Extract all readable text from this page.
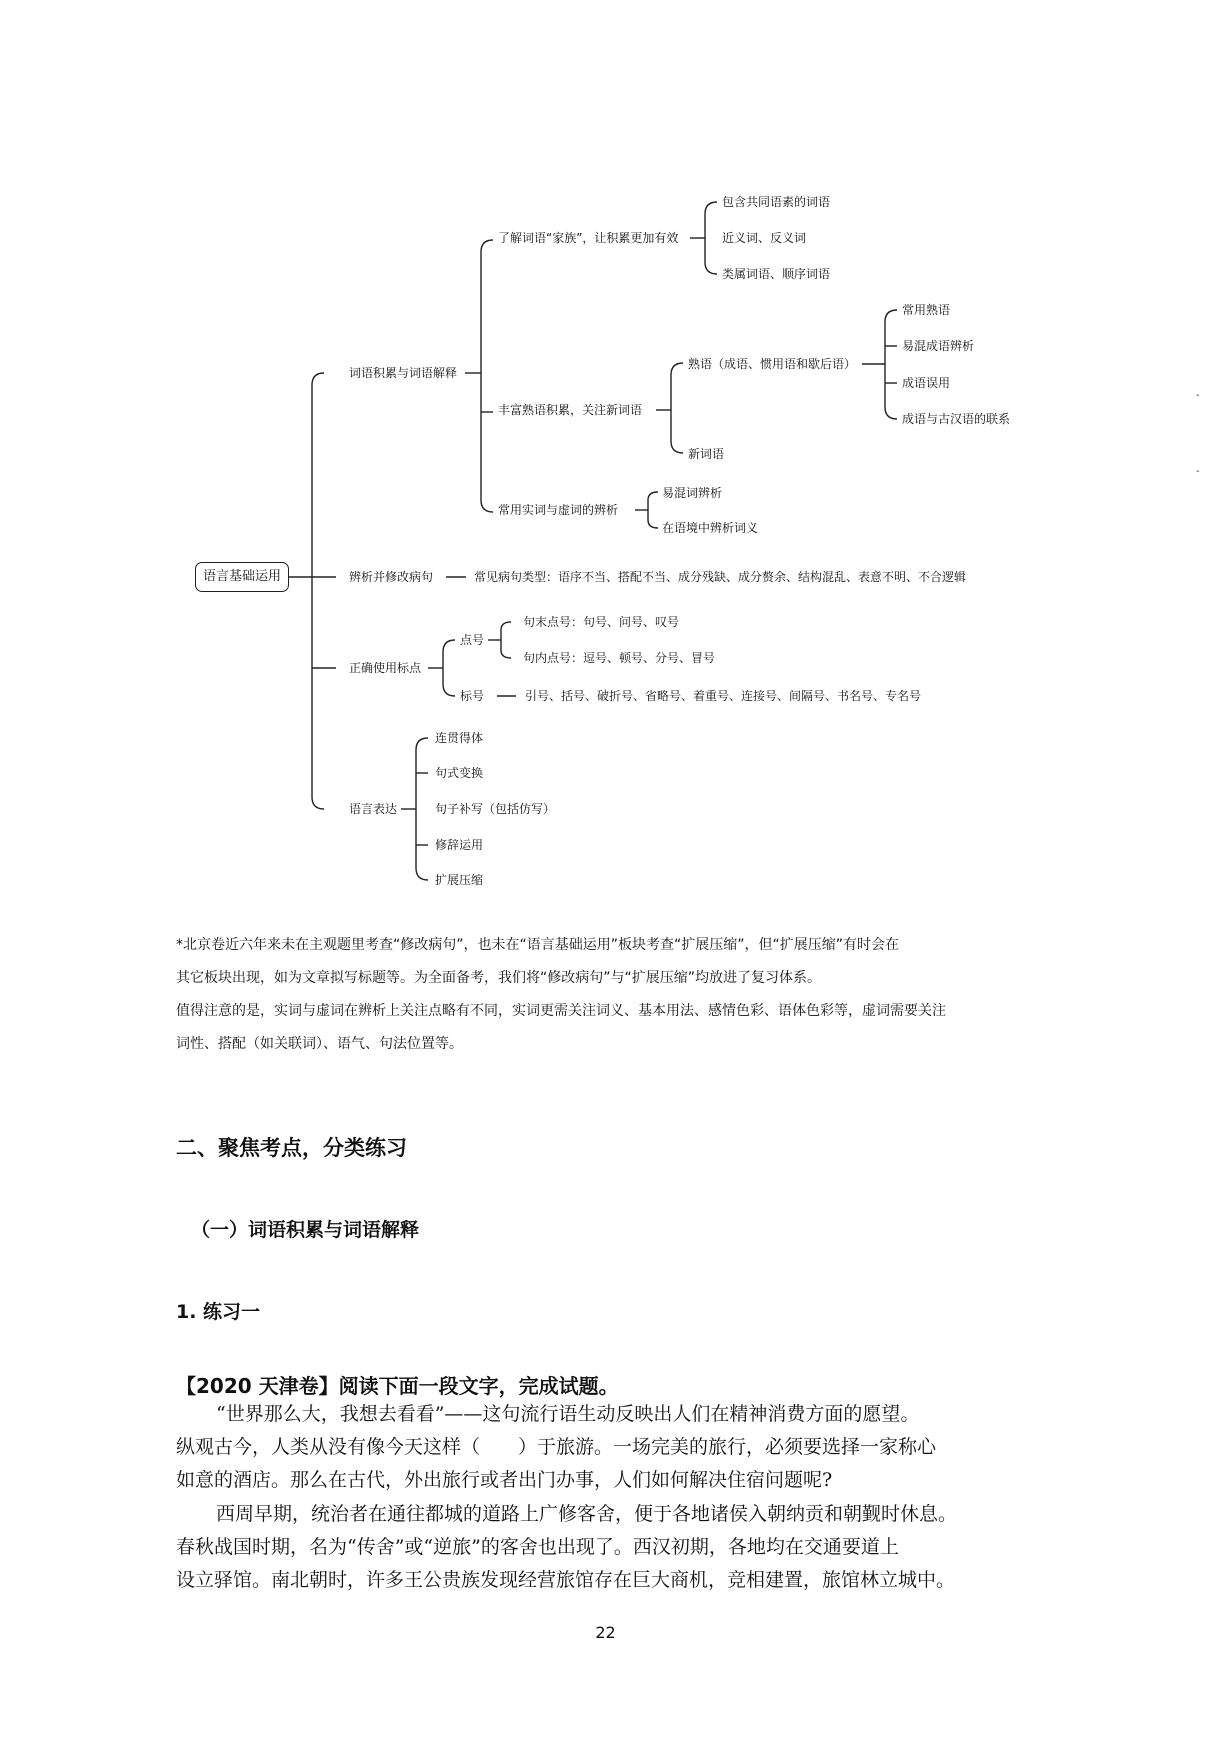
语言基础运用
词语积累与词语解释
了解词语“家族”，让积累更加有效
包含共同语素的词语
近义词、反义词
类属词语、顺序词语
丰富熟语积累，关注新词语
熟语（成语、惯用语和歇后语）
常用熟语
易混成语辨析
成语误用
成语与古汉语的联系
新词语
常用实词与虚词的辨析
易混词辨析
在语境中辨析词义
辨析并修改病句	常见病句类型：语序不当、搭配不当、成分残缺、成分赘余、结构混乱、表意不明、不合逻辑
正确使用标点
点号
句末点号：句号、问号、叹号
句内点号：逗号、顿号、分号、冒号
标号	引号、括号、破折号、省略号、着重号、连接号、间隔号、书名号、专名号
语言表达
连贯得体
句式变换
句子补写（包括仿写）
修辞运用
扩展压缩
-
-
*北京卷近六年来未在主观题里考查“修改病句”，也未在“语言基础运用”板块考查“扩展压缩”，但“扩展压缩”有时会在
其它板块出现，如为文章拟写标题等。为全面备考，我们将“修改病句”与“扩展压缩”均放进了复习体系。
值得注意的是，实词与虚词在辨析上关注点略有不同，实词更需关注词义、基本用法、感情色彩、语体色彩等，虚词需要关注
词性、搭配（如关联词）、语气、句法位置等。
二、聚焦考点，分类练习
（一）词语积累与词语解释
1. 练习一
【2020 天津卷】阅读下面一段文字，完成试题。
“世界那么大，我想去看看”——这句流行语生动反映出人们在精神消费方面的愿望。
纵观古今，人类从没有像今天这样（　　）于旅游。一场完美的旅行，必须要选择一家称心
如意的酒店。那么在古代，外出旅行或者出门办事，人们如何解决住宿问题呢?
西周早期，统治者在通往都城的道路上广修客舍，便于各地诸侯入朝纳贡和朝觐时休息。
春秋战国时期，名为“传舍”或“逆旅”的客舍也出现了。西汉初期，各地均在交通要道上
设立驿馆。南北朝时，许多王公贵族发现经营旅馆存在巨大商机，竞相建置，旅馆林立城中。
22
